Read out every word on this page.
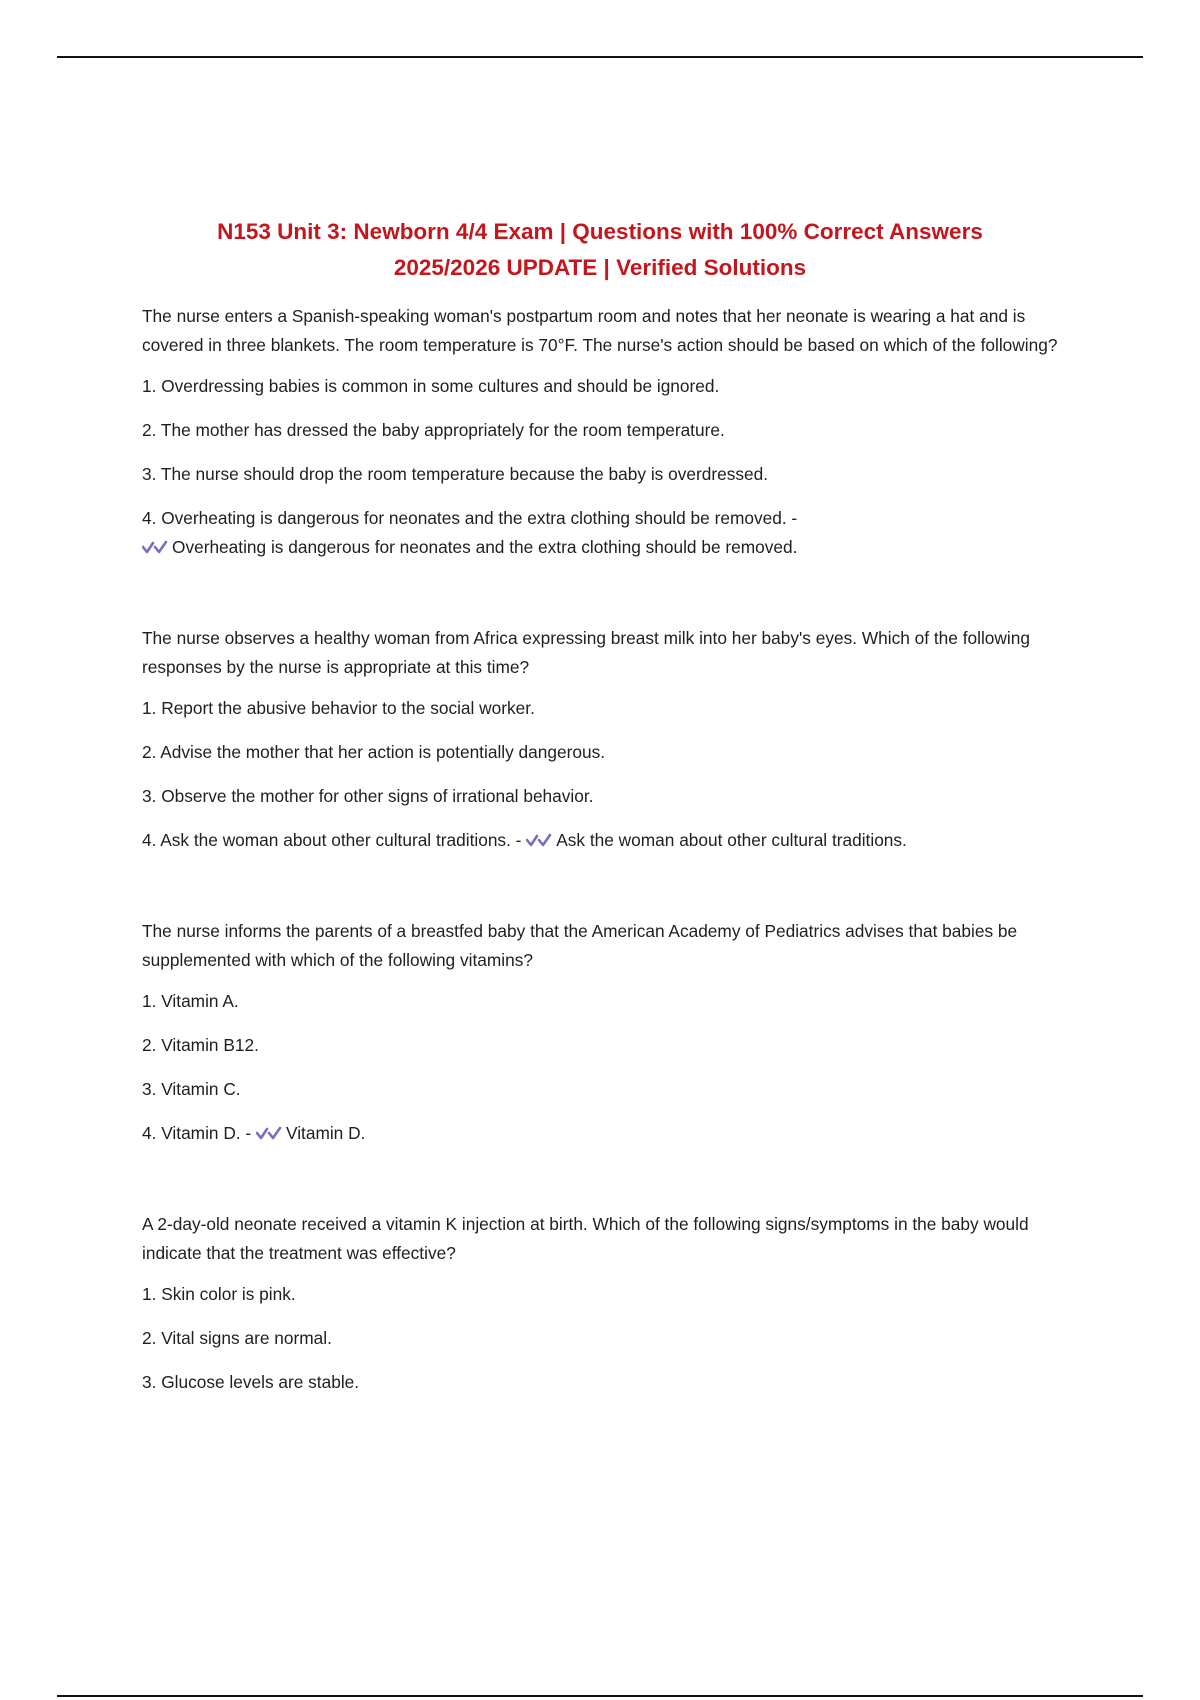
N153 Unit 3: Newborn 4/4 Exam | Questions with 100% Correct Answers
2025/2026 UPDATE | Verified Solutions

The nurse enters a Spanish-speaking woman's postpartum room and notes that her neonate is wearing a hat and is covered in three blankets. The room temperature is 70°F. The nurse's action should be based on which of the following?

1. Overdressing babies is common in some cultures and should be ignored.

2. The mother has dressed the baby appropriately for the room temperature.

3. The nurse should drop the room temperature because the baby is overdressed.

4. Overheating is dangerous for neonates and the extra clothing should be removed. -

Overheating is dangerous for neonates and the extra clothing should be removed.

The nurse observes a healthy woman from Africa expressing breast milk into her baby's eyes. Which of the following responses by the nurse is appropriate at this time?

1. Report the abusive behavior to the social worker.

2. Advise the mother that her action is potentially dangerous.

3. Observe the mother for other signs of irrational behavior.

4. Ask the woman about other cultural traditions. - Ask the woman about other cultural traditions.

The nurse informs the parents of a breastfed baby that the American Academy of Pediatrics advises that babies be supplemented with which of the following vitamins?

1. Vitamin A.

2. Vitamin B12.

3. Vitamin C.

4. Vitamin D. - Vitamin D.

A 2-day-old neonate received a vitamin K injection at birth. Which of the following signs/symptoms in the baby would indicate that the treatment was effective?

1. Skin color is pink.

2. Vital signs are normal.

3. Glucose levels are stable.
